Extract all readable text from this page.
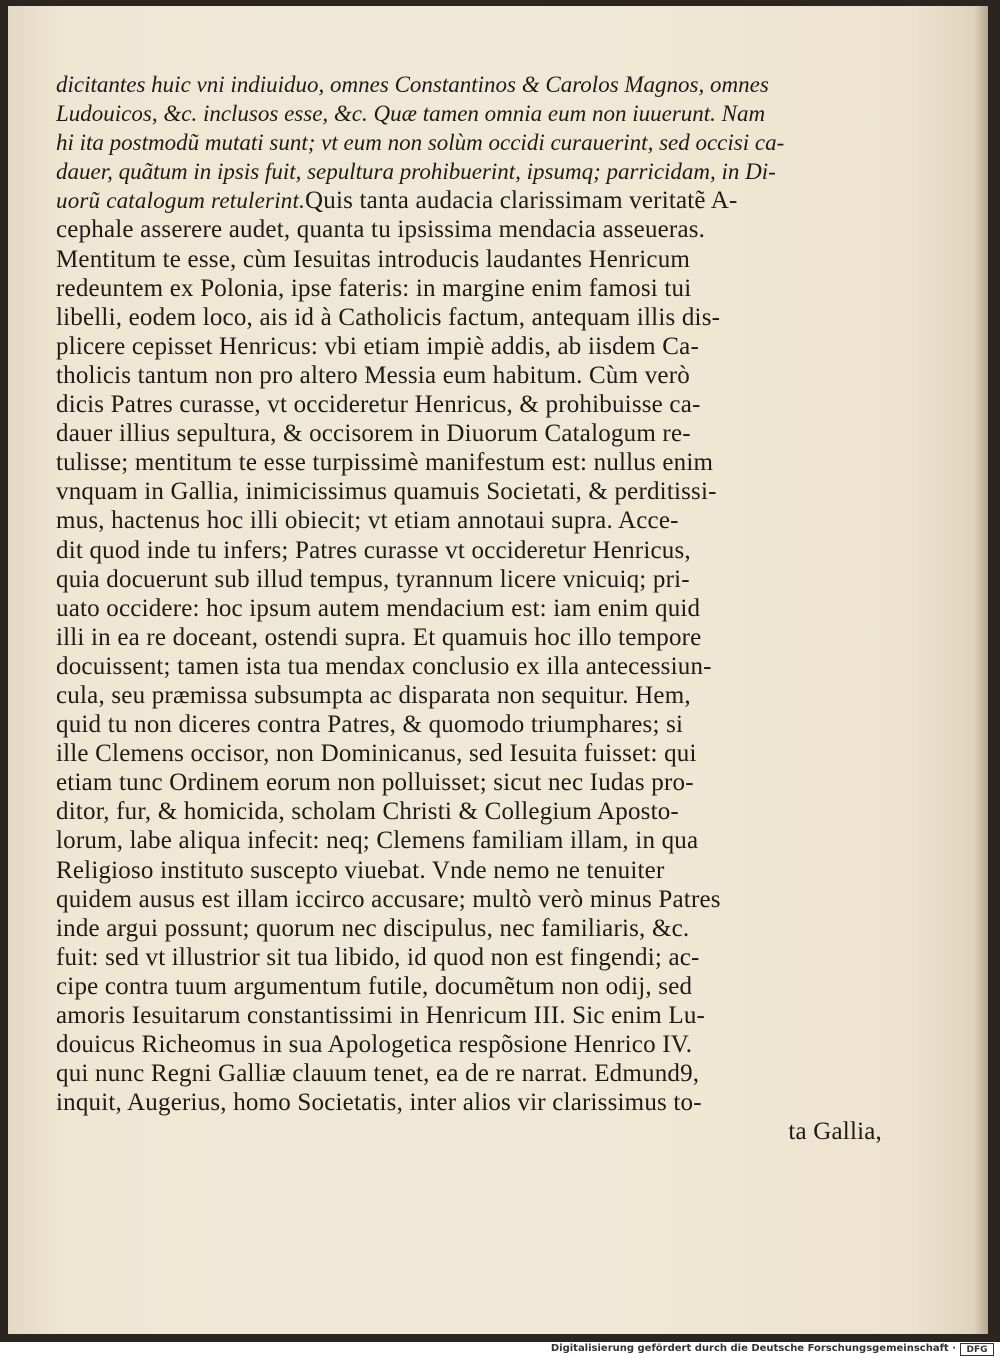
dicitantes huic vni indiuiduo, omnes Constantinos & Carolos Magnos, omnes
Ludouicos, &c. inclusos esse, &c. Quæ tamen omnia eum non iuuerunt. Nam
hi ita postmodũ mutati sunt; vt eum non solùm occidi curauerint, sed occisi ca-
dauer, quãtum in ipsis fuit, sepultura prohibuerint, ipsumq; parricidam, in Di-
uorũ catalogum retulerint.Quis tanta audacia clarissimam veritatẽ A-
cephale asserere audet, quanta tu ipsissima mendacia asseueras.
Mentitum te esse, cùm Iesuitas introducis laudantes Henricum
redeuntem ex Polonia, ipse fateris: in margine enim famosi tui
libelli, eodem loco, ais id à Catholicis factum, antequam illis dis-
plicere cepisset Henricus: vbi etiam impiè addis, ab iisdem Ca-
tholicis tantum non pro altero Messia eum habitum. Cùm verò
dicis Patres curasse, vt occideretur Henricus, & prohibuisse ca-
dauer illius sepultura, & occisorem in Diuorum Catalogum re-
tulisse; mentitum te esse turpissimè manifestum est: nullus enim
vnquam in Gallia, inimicissimus quamuis Societati, & perditissi-
mus, hactenus hoc illi obiecit; vt etiam annotaui supra. Acce-
dit quod inde tu infers; Patres curasse vt occideretur Henricus,
quia docuerunt sub illud tempus, tyrannum licere vnicuiq; pri-
uato occidere: hoc ipsum autem mendacium est: iam enim quid
illi in ea re doceant, ostendi supra. Et quamuis hoc illo tempore
docuissent; tamen ista tua mendax conclusio ex illa antecessiun-
cula, seu præmissa subsumpta ac disparata non sequitur. Hem,
quid tu non diceres contra Patres, & quomodo triumphares; si
ille Clemens occisor, non Dominicanus, sed Iesuita fuisset: qui
etiam tunc Ordinem eorum non polluisset; sicut nec Iudas pro-
ditor, fur, & homicida, scholam Christi & Collegium Aposto-
lorum, labe aliqua infecit: neq; Clemens familiam illam, in qua
Religioso instituto suscepto viuebat. Vnde nemo ne tenuiter
quidem ausus est illam iccirco accusare; multò verò minus Patres
inde argui possunt; quorum nec discipulus, nec familiaris, &c.
fuit: sed vt illustrior sit tua libido, id quod non est fingendi; ac-
cipe contra tuum argumentum futile, documẽtum non odij, sed
amoris Iesuitarum constantissimi in Henricum III. Sic enim Lu-
douicus Richeomus in sua Apologetica respõsione Henrico IV.
qui nunc Regni Galliæ clauum tenet, ea de re narrat. Edmund9,
inquit, Augerius, homo Societatis, inter alios vir clarissimus to-
ta Gallia,
Digitalisierung gefördert durch die Deutsche Forschungsgemeinschaft ·	DFG
